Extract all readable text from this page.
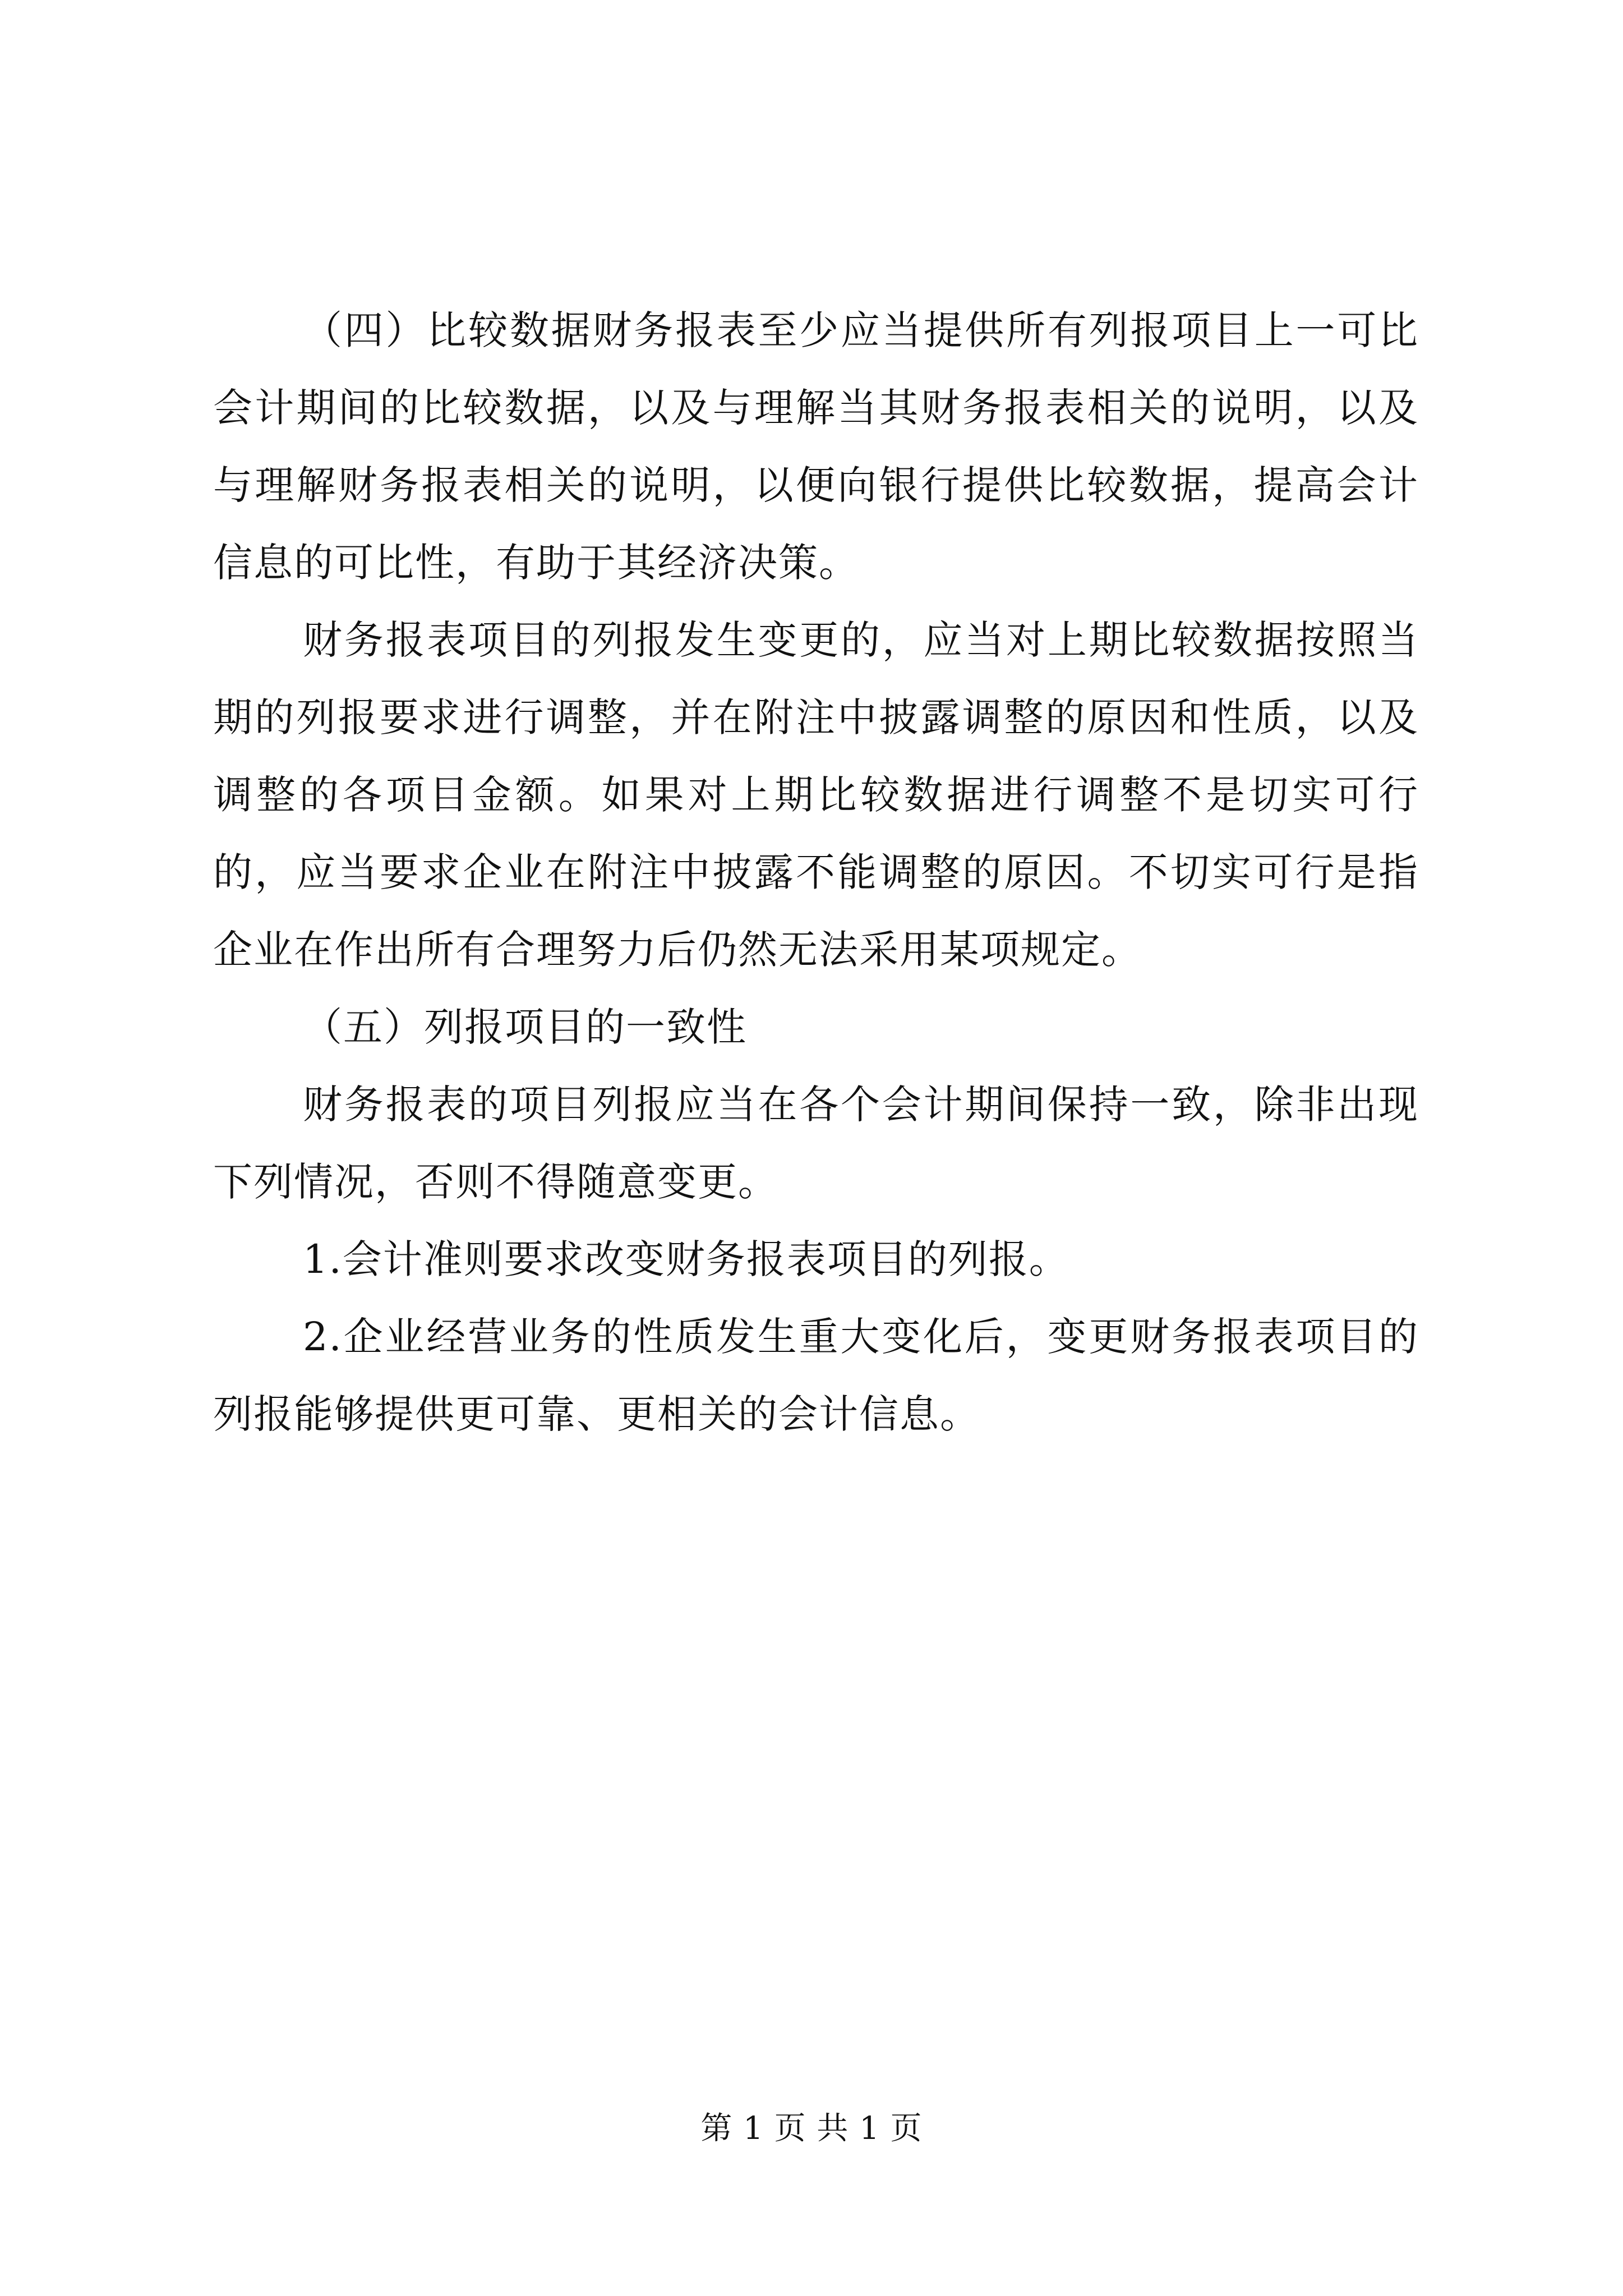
（四）比较数据财务报表至少应当提供所有列报项目上一可比会计期间的比较数据，以及与理解当其财务报表相关的说明，以及与理解财务报表相关的说明，以便向银行提供比较数据，提高会计信息的可比性，有助于其经济决策。

财务报表项目的列报发生变更的，应当对上期比较数据按照当期的列报要求进行调整，并在附注中披露调整的原因和性质，以及调整的各项目金额。如果对上期比较数据进行调整不是切实可行的，应当要求企业在附注中披露不能调整的原因。不切实可行是指企业在作出所有合理努力后仍然无法采用某项规定。

（五）列报项目的一致性

财务报表的项目列报应当在各个会计期间保持一致，除非出现下列情况，否则不得随意变更。

1.会计准则要求改变财务报表项目的列报。

2.企业经营业务的性质发生重大变化后，变更财务报表项目的列报能够提供更可靠、更相关的会计信息。

第 1 页 共 1 页
